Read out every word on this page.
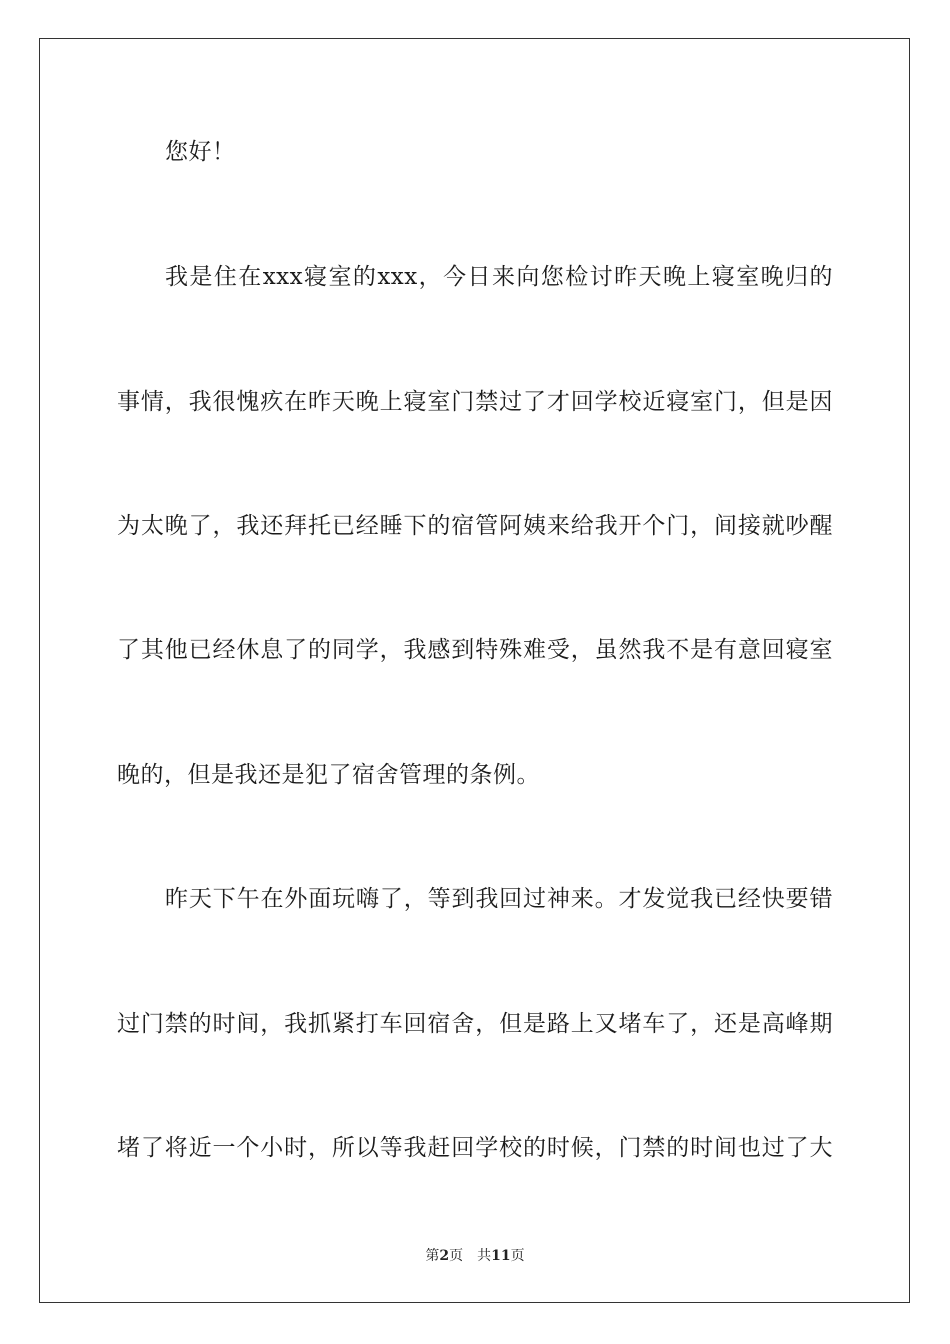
您好！
我是住在xxx寝室的xxx，今日来向您检讨昨天晚上寝室晚归的
事情，我很愧疚在昨天晚上寝室门禁过了才回学校近寝室门，但是因
为太晚了，我还拜托已经睡下的宿管阿姨来给我开个门，间接就吵醒
了其他已经休息了的同学，我感到特殊难受，虽然我不是有意回寝室
晚的，但是我还是犯了宿舍管理的条例。
昨天下午在外面玩嗨了，等到我回过神来。才发觉我已经快要错
过门禁的时间，我抓紧打车回宿舍，但是路上又堵车了，还是高峰期
堵了将近一个小时，所以等我赶回学校的时候，门禁的时间也过了大
第2页 共11页
